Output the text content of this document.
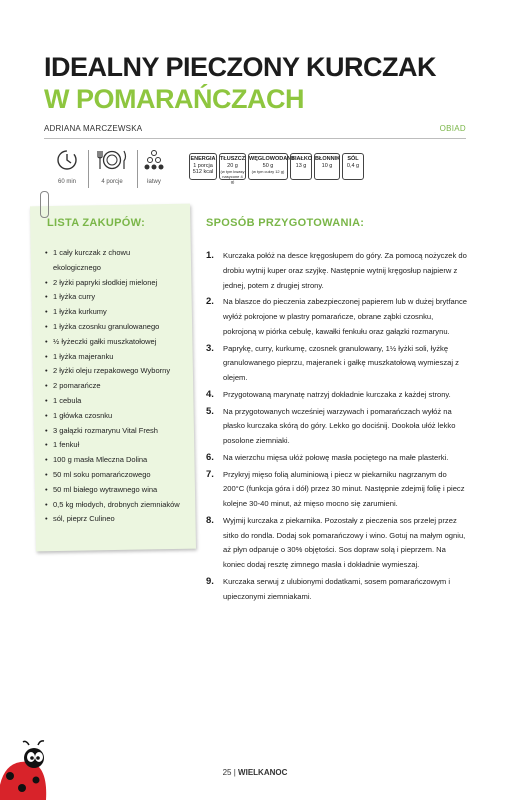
IDEALNY PIECZONY KURCZAK
W POMARAŃCZACH
ADRIANA MARCZEWSKA	OBIAD
60 min	4 porcje	łatwy
ENERGIA
1 porcja
512 kcal
TŁUSZCZ
20 g
(w tym kwasy
nasycone 4 g)
WĘGLOWODANY
50 g
(w tym cukry 12 g)
BIAŁKO
13 g
BŁONNIK
10 g
SÓL
0,4 g
LISTA ZAKUPÓW:
• 1 cały kurczak z chowu
ekologicznego
• 2 łyżki papryki słodkiej mielonej
• 1 łyżka curry
• 1 łyżka kurkumy
• 1 łyżka czosnku granulowanego
• ½ łyżeczki gałki muszkatołowej
• 1 łyżka majeranku
• 2 łyżki oleju rzepakowego Wyborny
• 2 pomarańcze
• 1 cebula
• 1 główka czosnku
• 3 gałązki rozmarynu Vital Fresh
• 1 fenkuł
• 100 g masła Mleczna Dolina
• 50 ml soku pomarańczowego
• 50 ml białego wytrawnego wina
• 0,5 kg młodych, drobnych ziemniaków
• sól, pieprz Culineo
SPOSÓB PRZYGOTOWANIA:
1. Kurczaka połóż na desce kręgosłupem do góry. Za pomocą nożyczek do drobiu wytnij kuper oraz szyjkę. Następnie wytnij kręgosłup najpierw z jednej, potem z drugiej strony.
2. Na blaszce do pieczenia zabezpieczonej papierem lub w dużej brytfance wyłóż pokrojone w plastry pomarańcze, obrane ząbki czosnku, pokrojoną w piórka cebulę, kawałki fenkułu oraz gałązki rozmarynu.
3. Paprykę, curry, kurkumę, czosnek granulowany, 1½ łyżki soli, łyżkę granulowanego pieprzu, majeranek i gałkę muszkatołową wymieszaj z olejem.
4. Przygotowaną marynatę natrzyj dokładnie kurczaka z każdej strony.
5. Na przygotowanych wcześniej warzywach i pomarańczach wyłóż na płasko kurczaka skórą do góry. Lekko go dociśnij. Dookoła ułóż lekko posolone ziemniaki.
6. Na wierzchu mięsa ułóż połowę masła pociętego na małe plasterki.
7. Przykryj mięso folią aluminiową i piecz w piekarniku nagrzanym do 200°C (funkcja góra i dół) przez 30 minut. Następnie zdejmij folię i piecz kolejne 30-40 minut, aż mięso mocno się zarumieni.
8. Wyjmij kurczaka z piekarnika. Pozostały z pieczenia sos przelej przez sitko do rondla. Dodaj sok pomarańczowy i wino. Gotuj na małym ogniu, aż płyn odparuje o 30% objętości. Sos dopraw solą i pieprzem. Na koniec dodaj resztę zimnego masła i dokładnie wymieszaj.
9. Kurczaka serwuj z ulubionymi dodatkami, sosem pomarańczowym i upieczonymi ziemniakami.
25 | WIELKANOC
